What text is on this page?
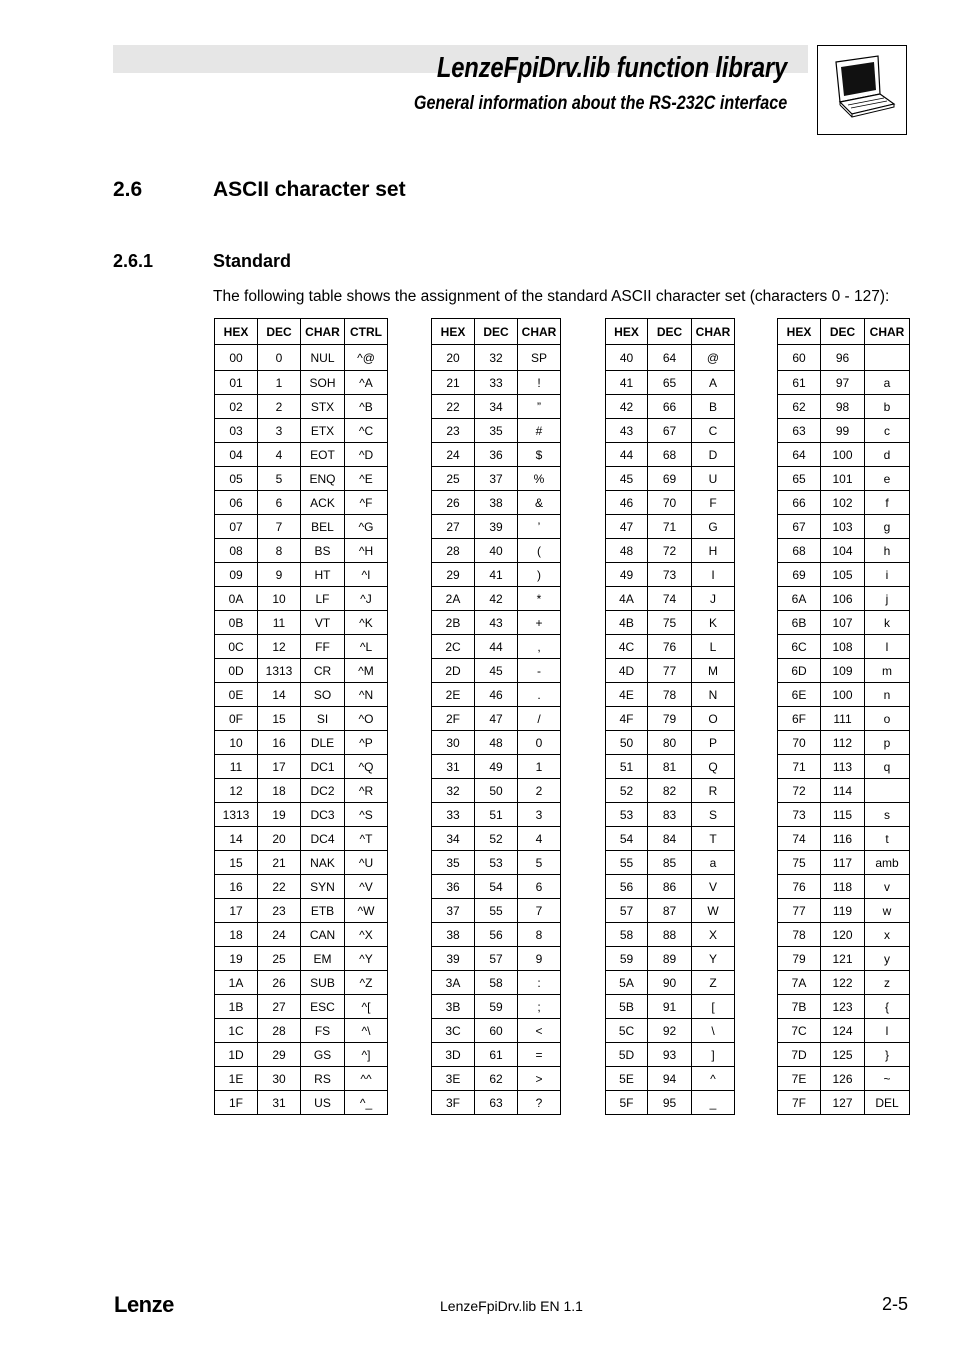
LenzeFpiDrv.lib function library
General information about the RS-232C interface
2.6	ASCII character set
2.6.1	Standard
The following table shows the assignment of the standard ASCII character set (characters 0 - 127):
HEX	DEC	CHAR	CTRL		HEX	DEC	CHAR		HEX	DEC	CHAR		HEX	DEC	CHAR
00	0	NUL	^@		20	32	SP		40	64	@		60	96	
01	1	SOH	^A		21	33	!		41	65	A		61	97	a
02	2	STX	^B		22	34	”		42	66	B		62	98	b
03	3	ETX	^C		23	35	#		43	67	C		63	99	c
04	4	EOT	^D		24	36	$		44	68	D		64	100	d
05	5	ENQ	^E		25	37	%		45	69	U		65	101	e
06	6	ACK	^F		26	38	&		46	70	F		66	102	f
07	7	BEL	^G		27	39	’		47	71	G		67	103	g
08	8	BS	^H		28	40	(		48	72	H		68	104	h
09	9	HT	^I		29	41	)		49	73	I		69	105	i
0A	10	LF	^J		2A	42	*		4A	74	J		6A	106	j
0B	11	VT	^K		2B	43	+		4B	75	K		6B	107	k
0C	12	FF	^L		2C	44	,		4C	76	L		6C	108	l
0D	1313	CR	^M		2D	45	-		4D	77	M		6D	109	m
0E	14	SO	^N		2E	46	.		4E	78	N		6E	100	n
0F	15	SI	^O		2F	47	/		4F	79	O		6F	111	o
10	16	DLE	^P		30	48	0		50	80	P		70	112	p
11	17	DC1	^Q		31	49	1		51	81	Q		71	113	q
12	18	DC2	^R		32	50	2		52	82	R		72	114	
1313	19	DC3	^S		33	51	3		53	83	S		73	115	s
14	20	DC4	^T		34	52	4		54	84	T		74	116	t
15	21	NAK	^U		35	53	5		55	85	a		75	117	amb
16	22	SYN	^V		36	54	6		56	86	V		76	118	v
17	23	ETB	^W		37	55	7		57	87	W		77	119	w
18	24	CAN	^X		38	56	8		58	88	X		78	120	x
19	25	EM	^Y		39	57	9		59	89	Y		79	121	y
1A	26	SUB	^Z		3A	58	:		5A	90	Z		7A	122	z
1B	27	ESC	^[		3B	59	;		5B	91	[		7B	123	{
1C	28	FS	^\		3C	60	<		5C	92	\		7C	124	l
1D	29	GS	^]		3D	61	=		5D	93	]		7D	125	}
1E	30	RS	^^		3E	62	>		5E	94	^		7E	126	~
1F	31	US	^_		3F	63	?		5F	95	_		7F	127	DEL
Lenze	LenzeFpiDrv.lib EN 1.1	2-5
